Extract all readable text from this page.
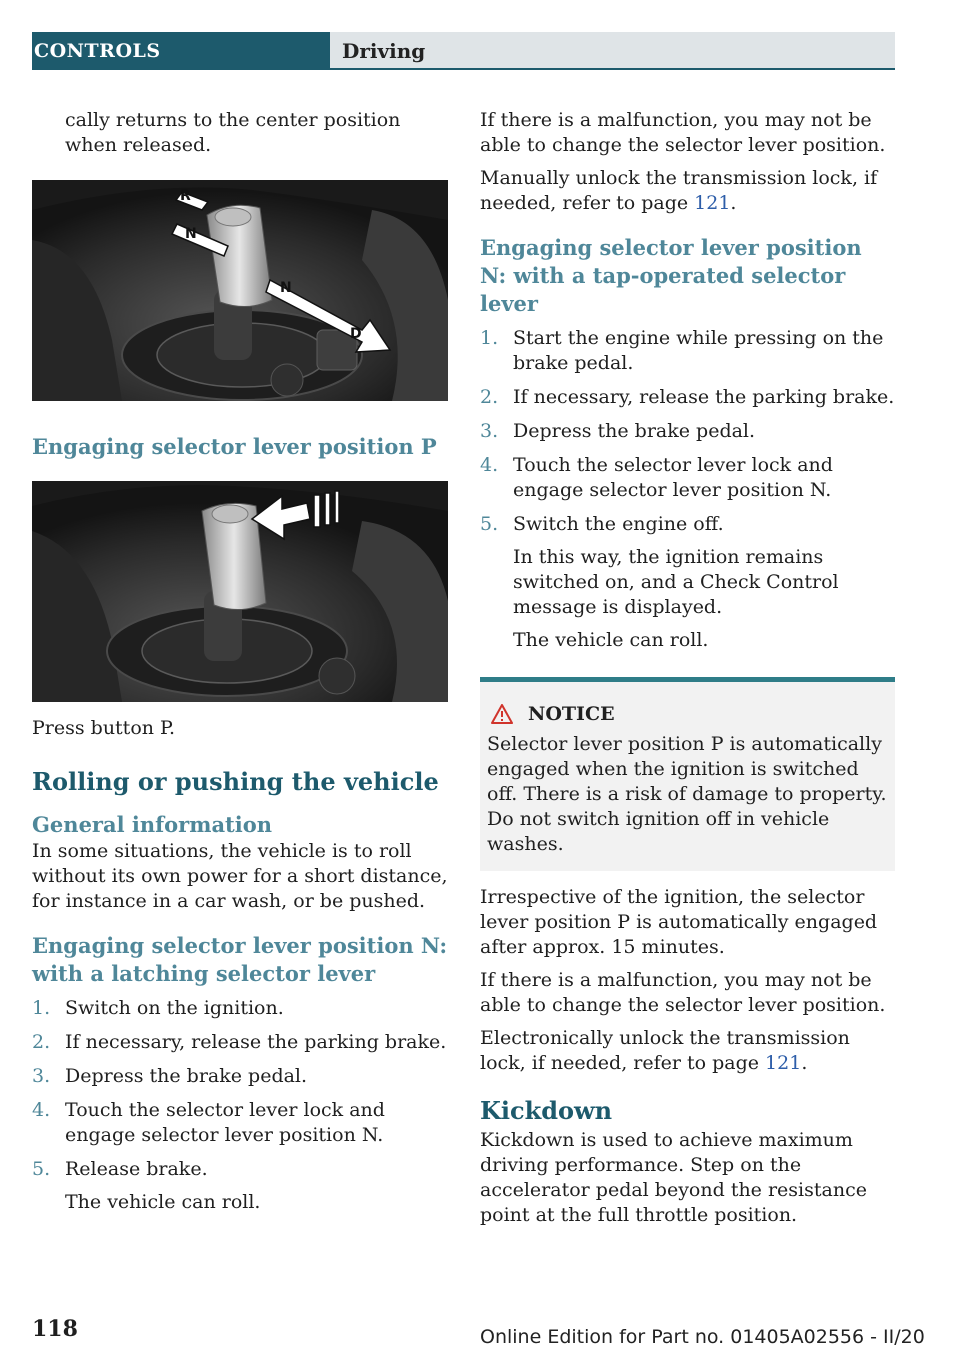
CONTROLS	Driving

cally returns to the center position when released.

R
N
N
D
Engaging selector lever position P

Press button P.

Rolling or pushing the vehicle
General information

In some situations, the vehicle is to roll without its own power for a short distance, for instance in a car wash, or be pushed.

Engaging selector lever position N: with a latching selector lever
1. Switch on the ignition.
2. If necessary, release the parking brake.
3. Depress the brake pedal.
4. Touch the selector lever lock and engage selector lever position N.
5. Release brake.
The vehicle can roll.

If there is a malfunction, you may not be able to change the selector lever position.

Manually unlock the transmission lock, if needed, refer to page 121.

Engaging selector lever position N: with a tap-operated selector lever
1. Start the engine while pressing on the brake pedal.
2. If necessary, release the parking brake.
3. Depress the brake pedal.
4. Touch the selector lever lock and engage selector lever position N.
5. Switch the engine off.
In this way, the ignition remains switched on, and a Check Control message is displayed.
The vehicle can roll.
NOTICE

Selector lever position P is automatically engaged when the ignition is switched off. There is a risk of damage to property. Do not switch ignition off in vehicle washes.

Irrespective of the ignition, the selector lever position P is automatically engaged after approx. 15 minutes.

If there is a malfunction, you may not be able to change the selector lever position.

Electronically unlock the transmission lock, if needed, refer to page 121.

Kickdown

Kickdown is used to achieve maximum driving performance. Step on the accelerator pedal beyond the resistance point at the full throttle position.

118	Online Edition for Part no. 01405A02556 - II/20
